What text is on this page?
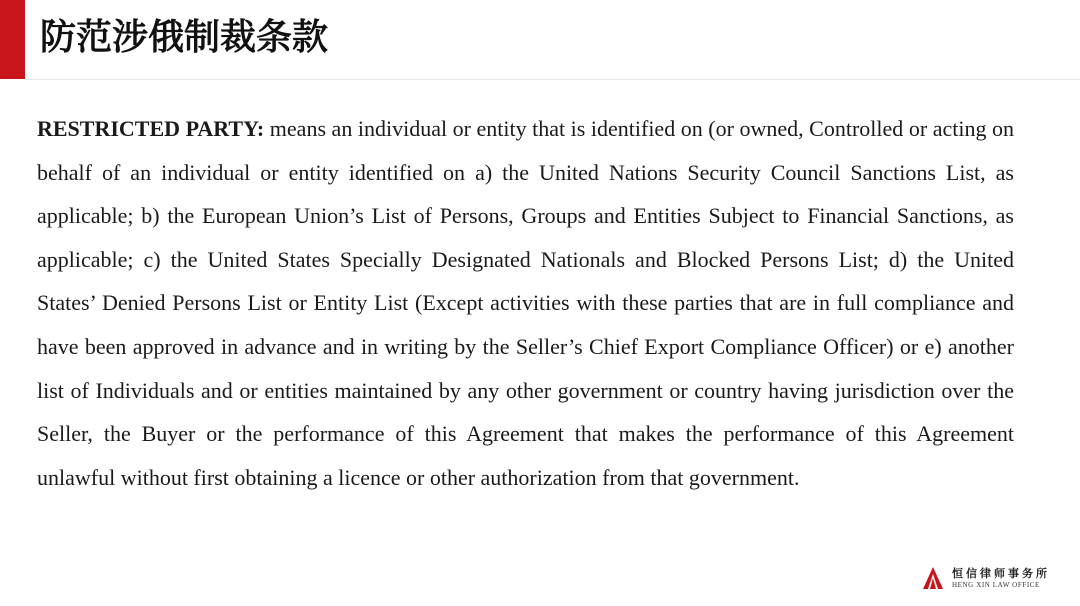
防范涉俄制裁条款

RESTRICTED PARTY: means an individual or entity that is identified on (or owned, Controlled or acting on behalf of an individual or entity identified on a) the United Nations Security Council Sanctions List, as applicable; b) the European Union’s List of Persons, Groups and Entities Subject to Financial Sanctions, as applicable; c) the United States Specially Designated Nationals and Blocked Persons List; d) the United States’ Denied Persons List or Entity List (Except activities with these parties that are in full compliance and have been approved in advance and in writing by the Seller’s Chief Export Compliance Officer) or e) another list of Individuals and or entities maintained by any other government or country having jurisdiction over the Seller, the Buyer or the performance of this Agreement that makes the performance of this Agreement unlawful without first obtaining a licence or other authorization from that government.

恒信律师事务所
HENG XIN LAW OFFICE
